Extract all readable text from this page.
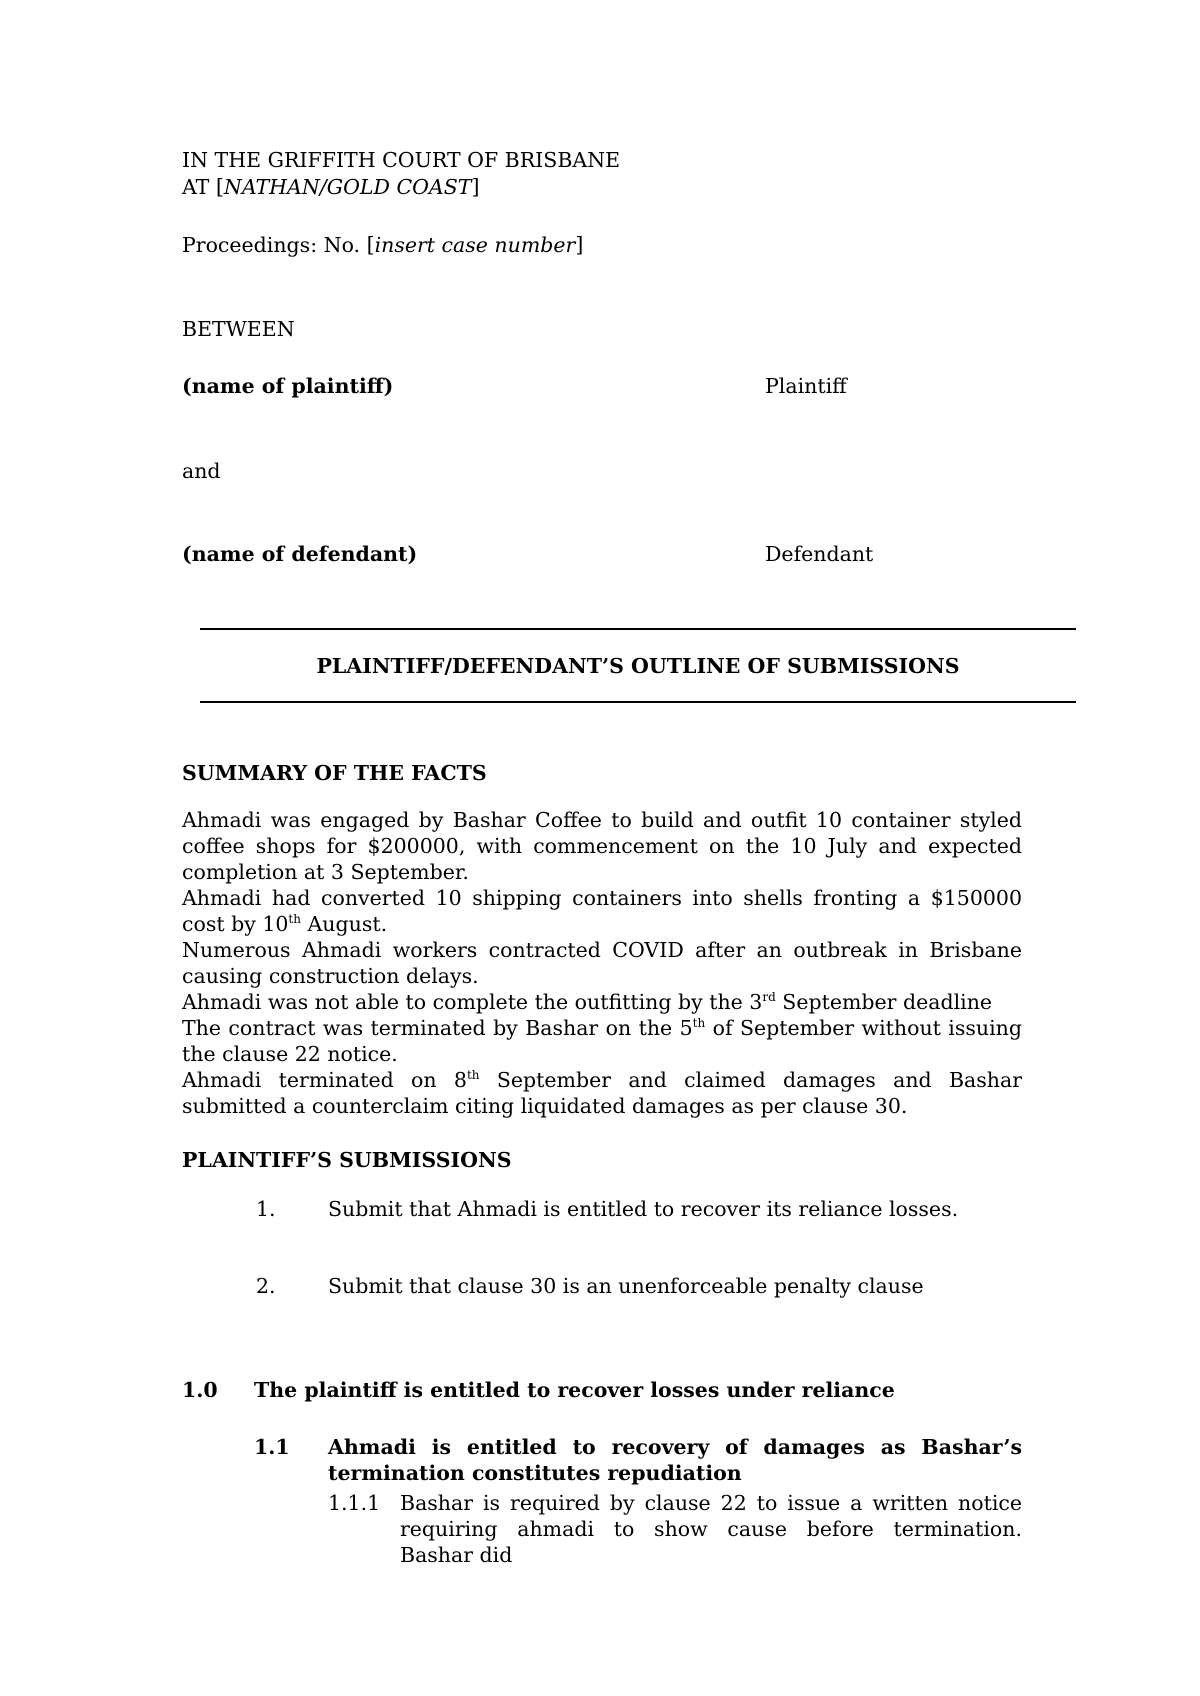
IN THE GRIFFITH COURT OF BRISBANE
AT [NATHAN/GOLD COAST]
Proceedings: No. [insert case number]
BETWEEN
(name of plaintiff)	Plaintiff
and
(name of defendant)	Defendant
PLAINTIFF/DEFENDANT’S OUTLINE OF SUBMISSIONS
SUMMARY OF THE FACTS

Ahmadi was engaged by Bashar Coffee to build and outfit 10 container styled coffee shops for $200000, with commencement on the 10 July and expected completion at 3 September.

Ahmadi had converted 10 shipping containers into shells fronting a $150000 cost by 10th August.

Numerous Ahmadi workers contracted COVID after an outbreak in Brisbane causing construction delays.

Ahmadi was not able to complete the outfitting by the 3rd September deadline

The contract was terminated by Bashar on the 5th of September without issuing the clause 22 notice.

Ahmadi terminated on 8th September and claimed damages and Bashar submitted a counterclaim citing liquidated damages as per clause 30.

PLAINTIFF’S SUBMISSIONS
1.	Submit that Ahmadi is entitled to recover its reliance losses.
2.	Submit that clause 30 is an unenforceable penalty clause
1.0 The plaintiff is entitled to recover losses under reliance
1.1 Ahmadi is entitled to recovery of damages as Bashar’s termination constitutes repudiation
1.1.1 Bashar is required by clause 22 to issue a written notice requiring ahmadi to show cause before termination. Bashar did
